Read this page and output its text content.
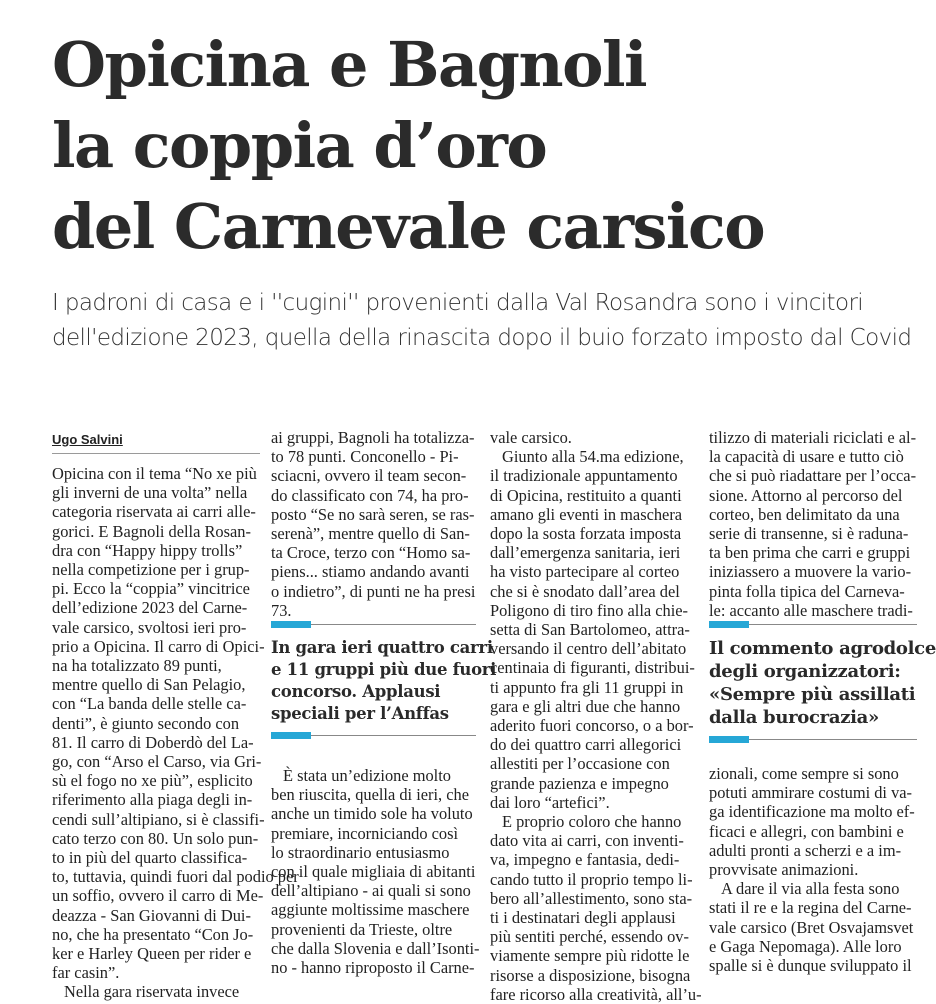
Opicina e Bagnoli
la coppia d’oro
del Carnevale carsico
I padroni di casa e i ''cugini'' provenienti dalla Val Rosandra sono i vincitori
dell'edizione 2023, quella della rinascita dopo il buio forzato imposto dal Covid
Ugo Salvini
Opicina con il tema “No xe più
gli inverni de una volta” nella
categoria riservata ai carri alle-
gorici. E Bagnoli della Rosan-
dra con “Happy hippy trolls”
nella competizione per i grup-
pi. Ecco la “coppia” vincitrice
dell’edizione 2023 del Carne-
vale carsico, svoltosi ieri pro-
prio a Opicina. Il carro di Opici-
na ha totalizzato 89 punti,
mentre quello di San Pelagio,
con “La banda delle stelle ca-
denti”, è giunto secondo con
81. Il carro di Doberdò del La-
go, con “Arso el Carso, via Gri-
sù el fogo no xe più”, esplicito
riferimento alla piaga degli in-
cendi sull’altipiano, si è classifi-
cato terzo con 80. Un solo pun-
to in più del quarto classifica-
to, tuttavia, quindi fuori dal podio per
un soffio, ovvero il carro di Me-
deazza - San Giovanni di Dui-
no, che ha presentato “Con Jo-
ker e Harley Queen per rider e
far casin”.
Nella gara riservata invece
ai gruppi, Bagnoli ha totalizza-
to 78 punti. Conconello - Pi-
sciacni, ovvero il team secon-
do classificato con 74, ha pro-
posto “Se no sarà seren, se ras-
serenà”, mentre quello di San-
ta Croce, terzo con “Homo sa-
piens... stiamo andando avanti
o indietro”, di punti ne ha presi
73.
In gara ieri quattro carri
e 11 gruppi più due fuori
concorso. Applausi
speciali per l’Anffas
È stata un’edizione molto
ben riuscita, quella di ieri, che
anche un timido sole ha voluto
premiare, incorniciando così
lo straordinario entusiasmo
con il quale migliaia di abitanti
dell’altipiano - ai quali si sono
aggiunte moltissime maschere
provenienti da Trieste, oltre
che dalla Slovenia e dall’Isonti-
no - hanno riproposto il Carne-
vale carsico.
Giunto alla 54.ma edizione,
il tradizionale appuntamento
di Opicina, restituito a quanti
amano gli eventi in maschera
dopo la sosta forzata imposta
dall’emergenza sanitaria, ieri
ha visto partecipare al corteo
che si è snodato dall’area del
Poligono di tiro fino alla chie-
setta di San Bartolomeo, attra-
versando il centro dell’abitato
centinaia di figuranti, distribui-
ti appunto fra gli 11 gruppi in
gara e gli altri due che hanno
aderito fuori concorso, o a bor-
do dei quattro carri allegorici
allestiti per l’occasione con
grande pazienza e impegno
dai loro “artefici”.
E proprio coloro che hanno
dato vita ai carri, con inventi-
va, impegno e fantasia, dedi-
cando tutto il proprio tempo li-
bero all’allestimento, sono sta-
ti i destinatari degli applausi
più sentiti perché, essendo ov-
viamente sempre più ridotte le
risorse a disposizione, bisogna
fare ricorso alla creatività, all’u-
tilizzo di materiali riciclati e al-
la capacità di usare e tutto ciò
che si può riadattare per l’occa-
sione. Attorno al percorso del
corteo, ben delimitato da una
serie di transenne, si è raduna-
ta ben prima che carri e gruppi
iniziassero a muovere la vario-
pinta folla tipica del Carneva-
le: accanto alle maschere tradi-
Il commento agrodolce
degli organizzatori:
«Sempre più assillati
dalla burocrazia»
zionali, come sempre si sono
potuti ammirare costumi di va-
ga identificazione ma molto ef-
ficaci e allegri, con bambini e
adulti pronti a scherzi e a im-
provvisate animazioni.
A dare il via alla festa sono
stati il re e la regina del Carne-
vale carsico (Bret Osvajamsvet
e Gaga Nepomaga). Alle loro
spalle si è dunque sviluppato il
